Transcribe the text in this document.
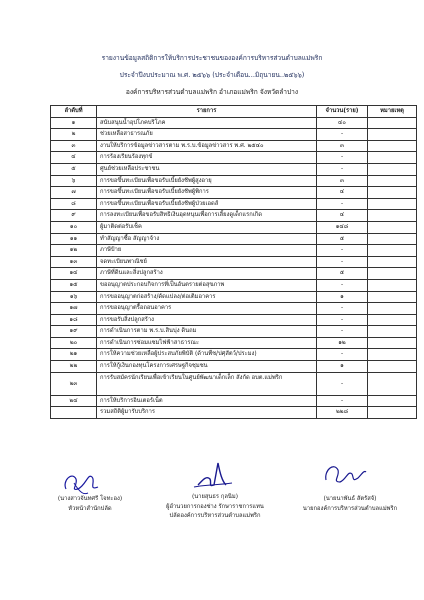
รายงานข้อมูลสถิติการให้บริการประชาชนขององค์การบริหารส่วนตำบลแม่พริก
ประจำปีงบประมาณ พ.ศ. ๒๕๖๖ (ประจำเดือน...มิถุนายน..๒๕๖๖)
องค์การบริหารส่วนตำบลแม่พริก อำเภอแม่พริก จังหวัดลำปาง
ลำดับที่	รายการ	จำนวน(ราย)	หมายเหตุ
๑	สนับสนุนน้ำอุปโภคบริโภค	๔๐	
๒	ช่วยเหลือสาธารณภัย	-	
๓	งานให้บริการข้อมูลข่าวสารตาม พ.ร.บ.ข้อมูลข่าวสาร พ.ศ. ๒๕๔๐	๓	
๔	การร้องเรียนร้องทุกข์	-	
๕	ศูนย์ช่วยเหลือประชาชน	-	
๖	การขอขึ้นทะเบียนเพื่อขอรับเบี้ยยังชีพผู้สูงอายุ	๓	
๗	การขอขึ้นทะเบียนเพื่อขอรับเบี้ยยังชีพผู้พิการ	๔	
๘	การขอขึ้นทะเบียนเพื่อขอรับเบี้ยยังชีพผู้ป่วยเอดส์	-	
๙	การลงทะเบียนเพื่อขอรับสิทธิเงินอุดหนุนเพื่อการเลี้ยงดูเด็กแรกเกิด	๔	
๑๐	ผู้มาติดต่อรับเช็ค	๑๔๘	
๑๑	ทำสัญญาซื้อ สัญญาจ้าง	๕	
๑๒	ภาษีป้าย	-	
๑๓	จดทะเบียนพาณิชย์	-	
๑๔	ภาษีที่ดินและสิ่งปลูกสร้าง	๕	
๑๕	ขออนุญาตประกอบกิจการที่เป็นอันตรายต่อสุขภาพ	-	
๑๖	การขออนุญาตก่อสร้าง/ดัดแปลง/ต่อเติมอาคาร	๑	
๑๗	การขออนุญาตรื้อถอนอาคาร	-	
๑๘	การขอรับสิ่งปลูกสร้าง	-	
๑๙	การดำเนินการตาม พ.ร.บ.สินบุ่ง ดินถม	-	
๒๐	การดำเนินการซ่อมแซมไฟฟ้าสาธารณะ	๑๒	
๒๑	การให้ความช่วยเหลือผู้ประสบภัยพิบัติ (ด้านพืช/ปศุสัตว์/ประมง)	-	
๒๒	การให้กู้เงินกองทุนโครงการเศรษฐกิจชุมชน	๑	
๒๓	การรับสมัครนักเรียนเพื่อเข้าเรียนในศูนย์พัฒนาเด็กเล็ก สังกัด อบต.แม่พริก	-	
๒๔	การให้บริการอินเตอร์เน็ต	-	
	รวมสถิติผู้มารับบริการ	๒๒๘	
(นางสาวจันทศรี โจทะอง)
หัวหน้าสำนักปลัด
(นายสุนธร กุลนิม)
ผู้อำนวยการกองช่าง รักษาราชการแทน
ปลัดองค์การบริหารส่วนตำบลแม่พริก
(นายนาพันธ์ สัตรัสจั)
นายกองค์การบริหารส่วนตำบลแม่พริก
